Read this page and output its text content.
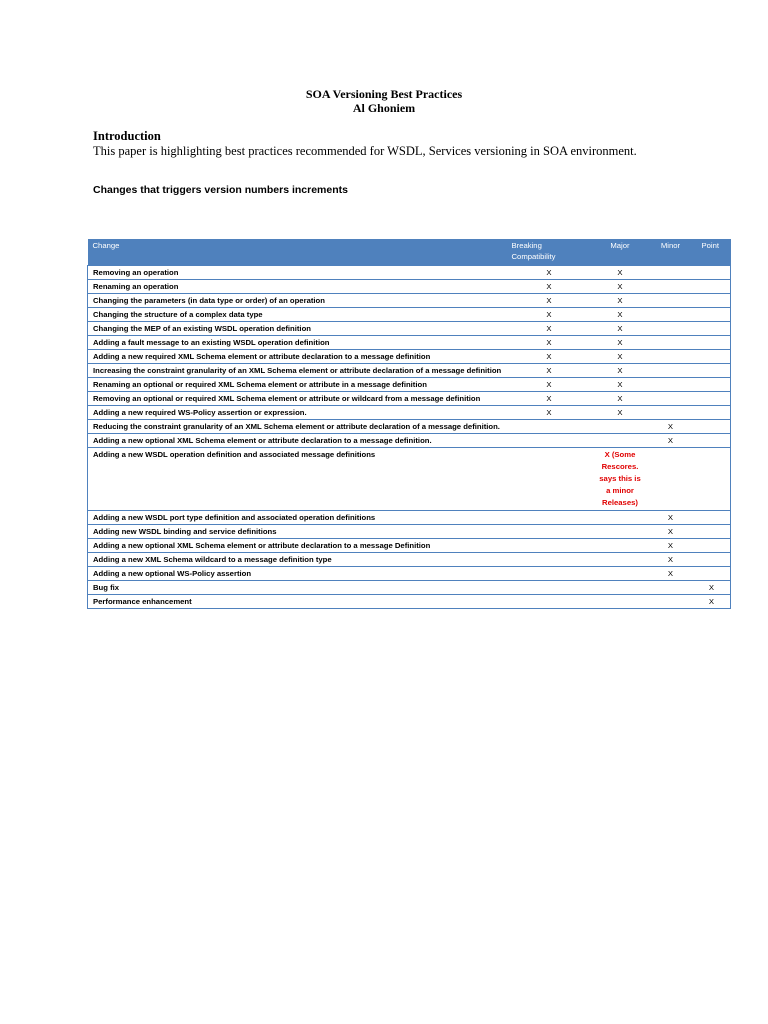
SOA Versioning Best Practices
Al Ghoniem
Introduction
This paper is highlighting best practices recommended for WSDL, Services versioning in SOA environment.
Changes that triggers version numbers increments
Change	Breaking Compatibility	Major	Minor	Point
Removing an operation	X	X		
Renaming an operation	X	X		
Changing the parameters (in data type or order) of an operation	X	X		
Changing the structure of a complex data type	X	X		
Changing the MEP of an existing WSDL operation definition	X	X		
Adding a fault message to an existing WSDL operation definition	X	X		
Adding a new required XML Schema element or attribute declaration to a message definition	X	X		
Increasing the constraint granularity of an XML Schema element or attribute declaration of a message definition	X	X		
Renaming an optional or required XML Schema element or attribute in a message definition	X	X		
Removing an optional or required XML Schema element or attribute or wildcard from a message definition	X	X		
Adding a new required WS-Policy assertion or expression.	X	X		
Reducing the constraint granularity of an XML Schema element or attribute declaration of a message definition.			X	
Adding a new optional XML Schema element or attribute declaration to a message definition.			X	
Adding a new WSDL operation definition and associated message definitions		X (Some Rescores. says this is a minor Releases)		
Adding a new WSDL port type definition and associated operation definitions			X	
Adding new WSDL binding and service definitions			X	
Adding a new optional XML Schema element or attribute declaration to a message Definition			X	
Adding a new XML Schema wildcard to a message definition type			X	
Adding a new optional WS-Policy assertion			X	
Bug fix				X
Performance enhancement				X
